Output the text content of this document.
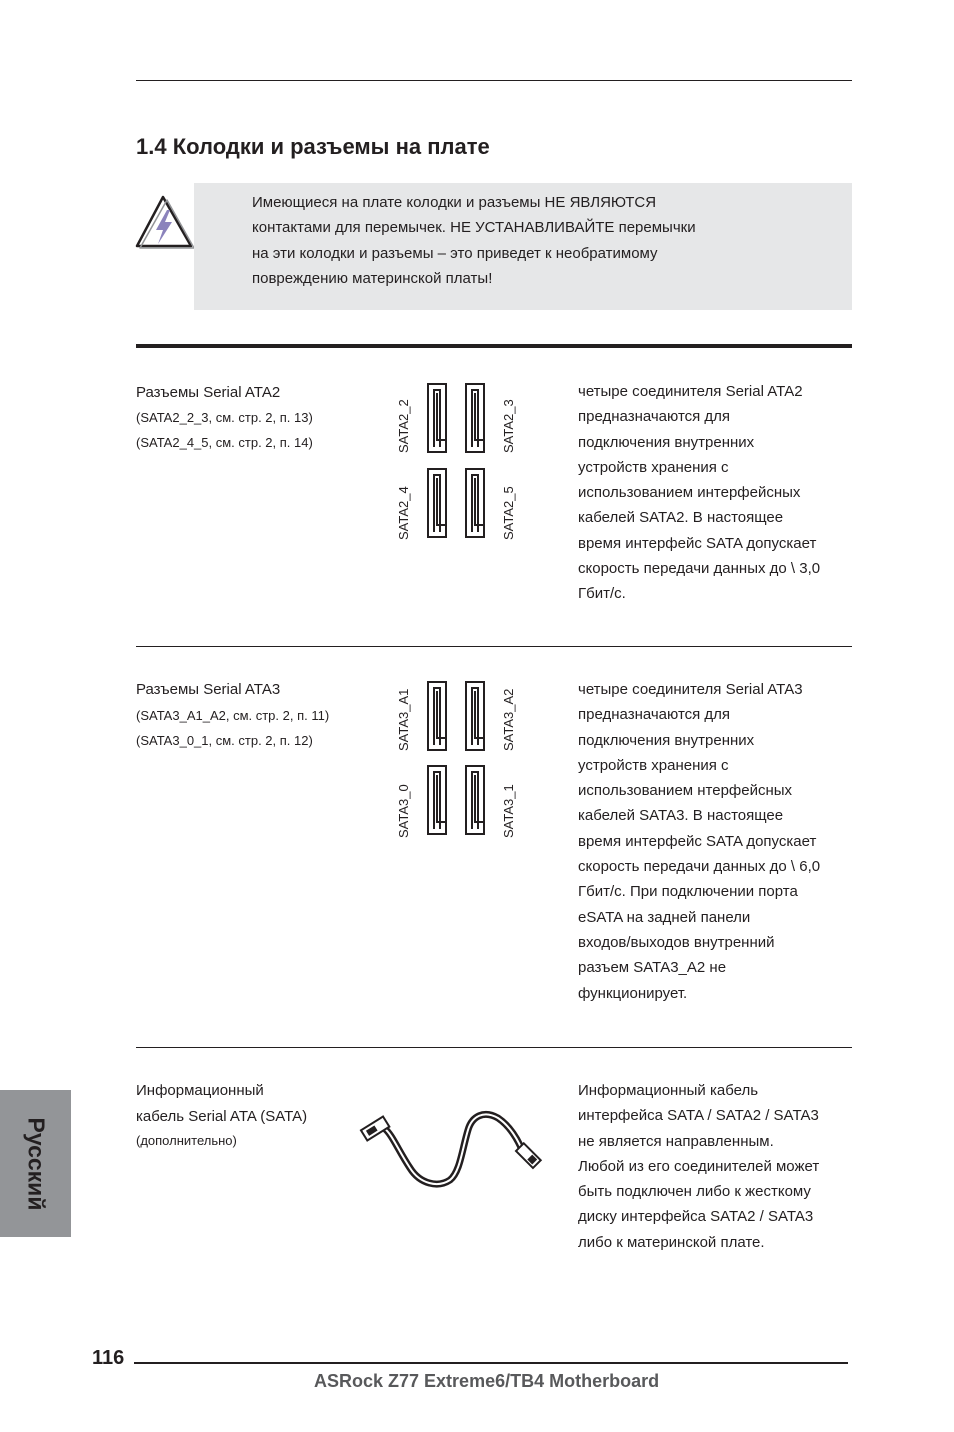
1.4 Колодки и разъемы на плате
Имеющиеся на плате колодки и разъемы НЕ ЯВЛЯЮТСЯ
контактами для перемычек. НЕ УСТАНАВЛИВАЙТЕ перемычки
на эти колодки и разъемы – это приведет к необратимому
повреждению материнской платы!
Разъемы Serial ATA2
(SATA2_2_3, см. стр. 2, п. 13)
(SATA2_4_5, см. стр. 2, п. 14)	SATA2_2	SATA2_3
SATA2_4	SATA2_5
четыре соединителя Serial ATA2
предназначаются для
подключения внутренних
устройств хранения с
использованием интерфейсных
кабелей SATA2. В настоящее
время интерфейс SATA допускает
скорость передачи данных до \ 3,0
Гбит/с.
Разъемы Serial ATA3
(SATA3_A1_A2, см. стр. 2, п. 11)
(SATA3_0_1, см. стр. 2, п. 12)	SATA3_A1	SATA3_A2
SATA3_0	SATA3_1
четыре соединителя Serial ATA3
предназначаются для
подключения внутренних
устройств хранения с
использованием нтерфейсных
кабелей SATA3. В настоящее
время интерфейс SATA допускает
скорость передачи данных до \ 6,0
Гбит/с. При подключении порта
eSATA на задней панели
входов/выходов внутренний
разъем SATA3_A2 не
функционирует.
Информационный
кабель Serial ATA (SATA)
(дополнительно)
Информационный кабель
интерфейса SATA / SATA2 / SATA3
не является направленным.
Любой из его соединителей может
быть подключен либо к жесткому
диску интерфейса SATA2 / SATA3
либо к материнской плате.
Русский
116
ASRock Z77 Extreme6/TB4 Motherboard
